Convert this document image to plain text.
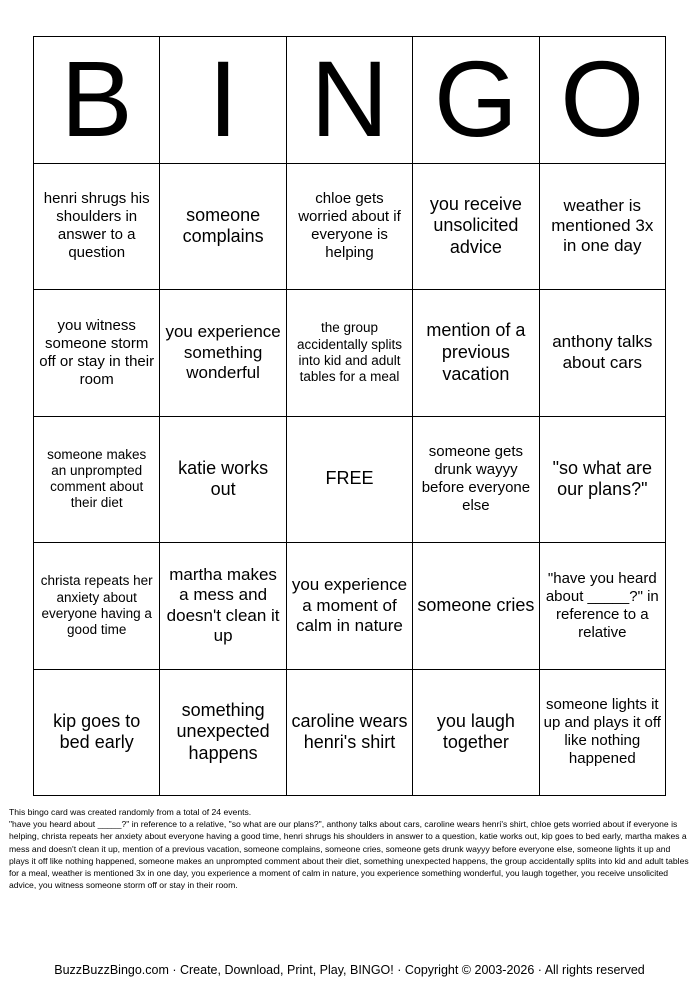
B I N G O
henri shrugs his shoulders in answer to a question
someone complains
chloe gets worried about if everyone is helping
you receive unsolicited advice
weather is mentioned 3x in one day
you witness someone storm off or stay in their room
you experience something wonderful
the group accidentally splits into kid and adult tables for a meal
mention of a previous vacation
anthony talks about cars
someone makes an unprompted comment about their diet
katie works out
FREE
someone gets drunk wayyy before everyone else
"so what are our plans?"
christa repeats her anxiety about everyone having a good time
martha makes a mess and doesn't clean it up
you experience a moment of calm in nature
someone cries
"have you heard about _____?" in reference to a relative
kip goes to bed early
something unexpected happens
caroline wears henri's shirt
you laugh together
someone lights it up and plays it off like nothing happened

This bingo card was created randomly from a total of 24 events.

"have you heard about _____?" in reference to a relative, "so what are our plans?", anthony talks about cars, caroline wears henri's shirt, chloe gets worried about if everyone is helping, christa repeats her anxiety about everyone having a good time, henri shrugs his shoulders in answer to a question, katie works out, kip goes to bed early, martha makes a mess and doesn't clean it up, mention of a previous vacation, someone complains, someone cries, someone gets drunk wayyy before everyone else, someone lights it up and plays it off like nothing happened, someone makes an unprompted comment about their diet, something unexpected happens, the group accidentally splits into kid and adult tables for a meal, weather is mentioned 3x in one day, you experience a moment of calm in nature, you experience something wonderful, you laugh together, you receive unsolicited advice, you witness someone storm off or stay in their room.

BuzzBuzzBingo.com · Create, Download, Print, Play, BINGO! · Copyright © 2003-2026 · All rights reserved
